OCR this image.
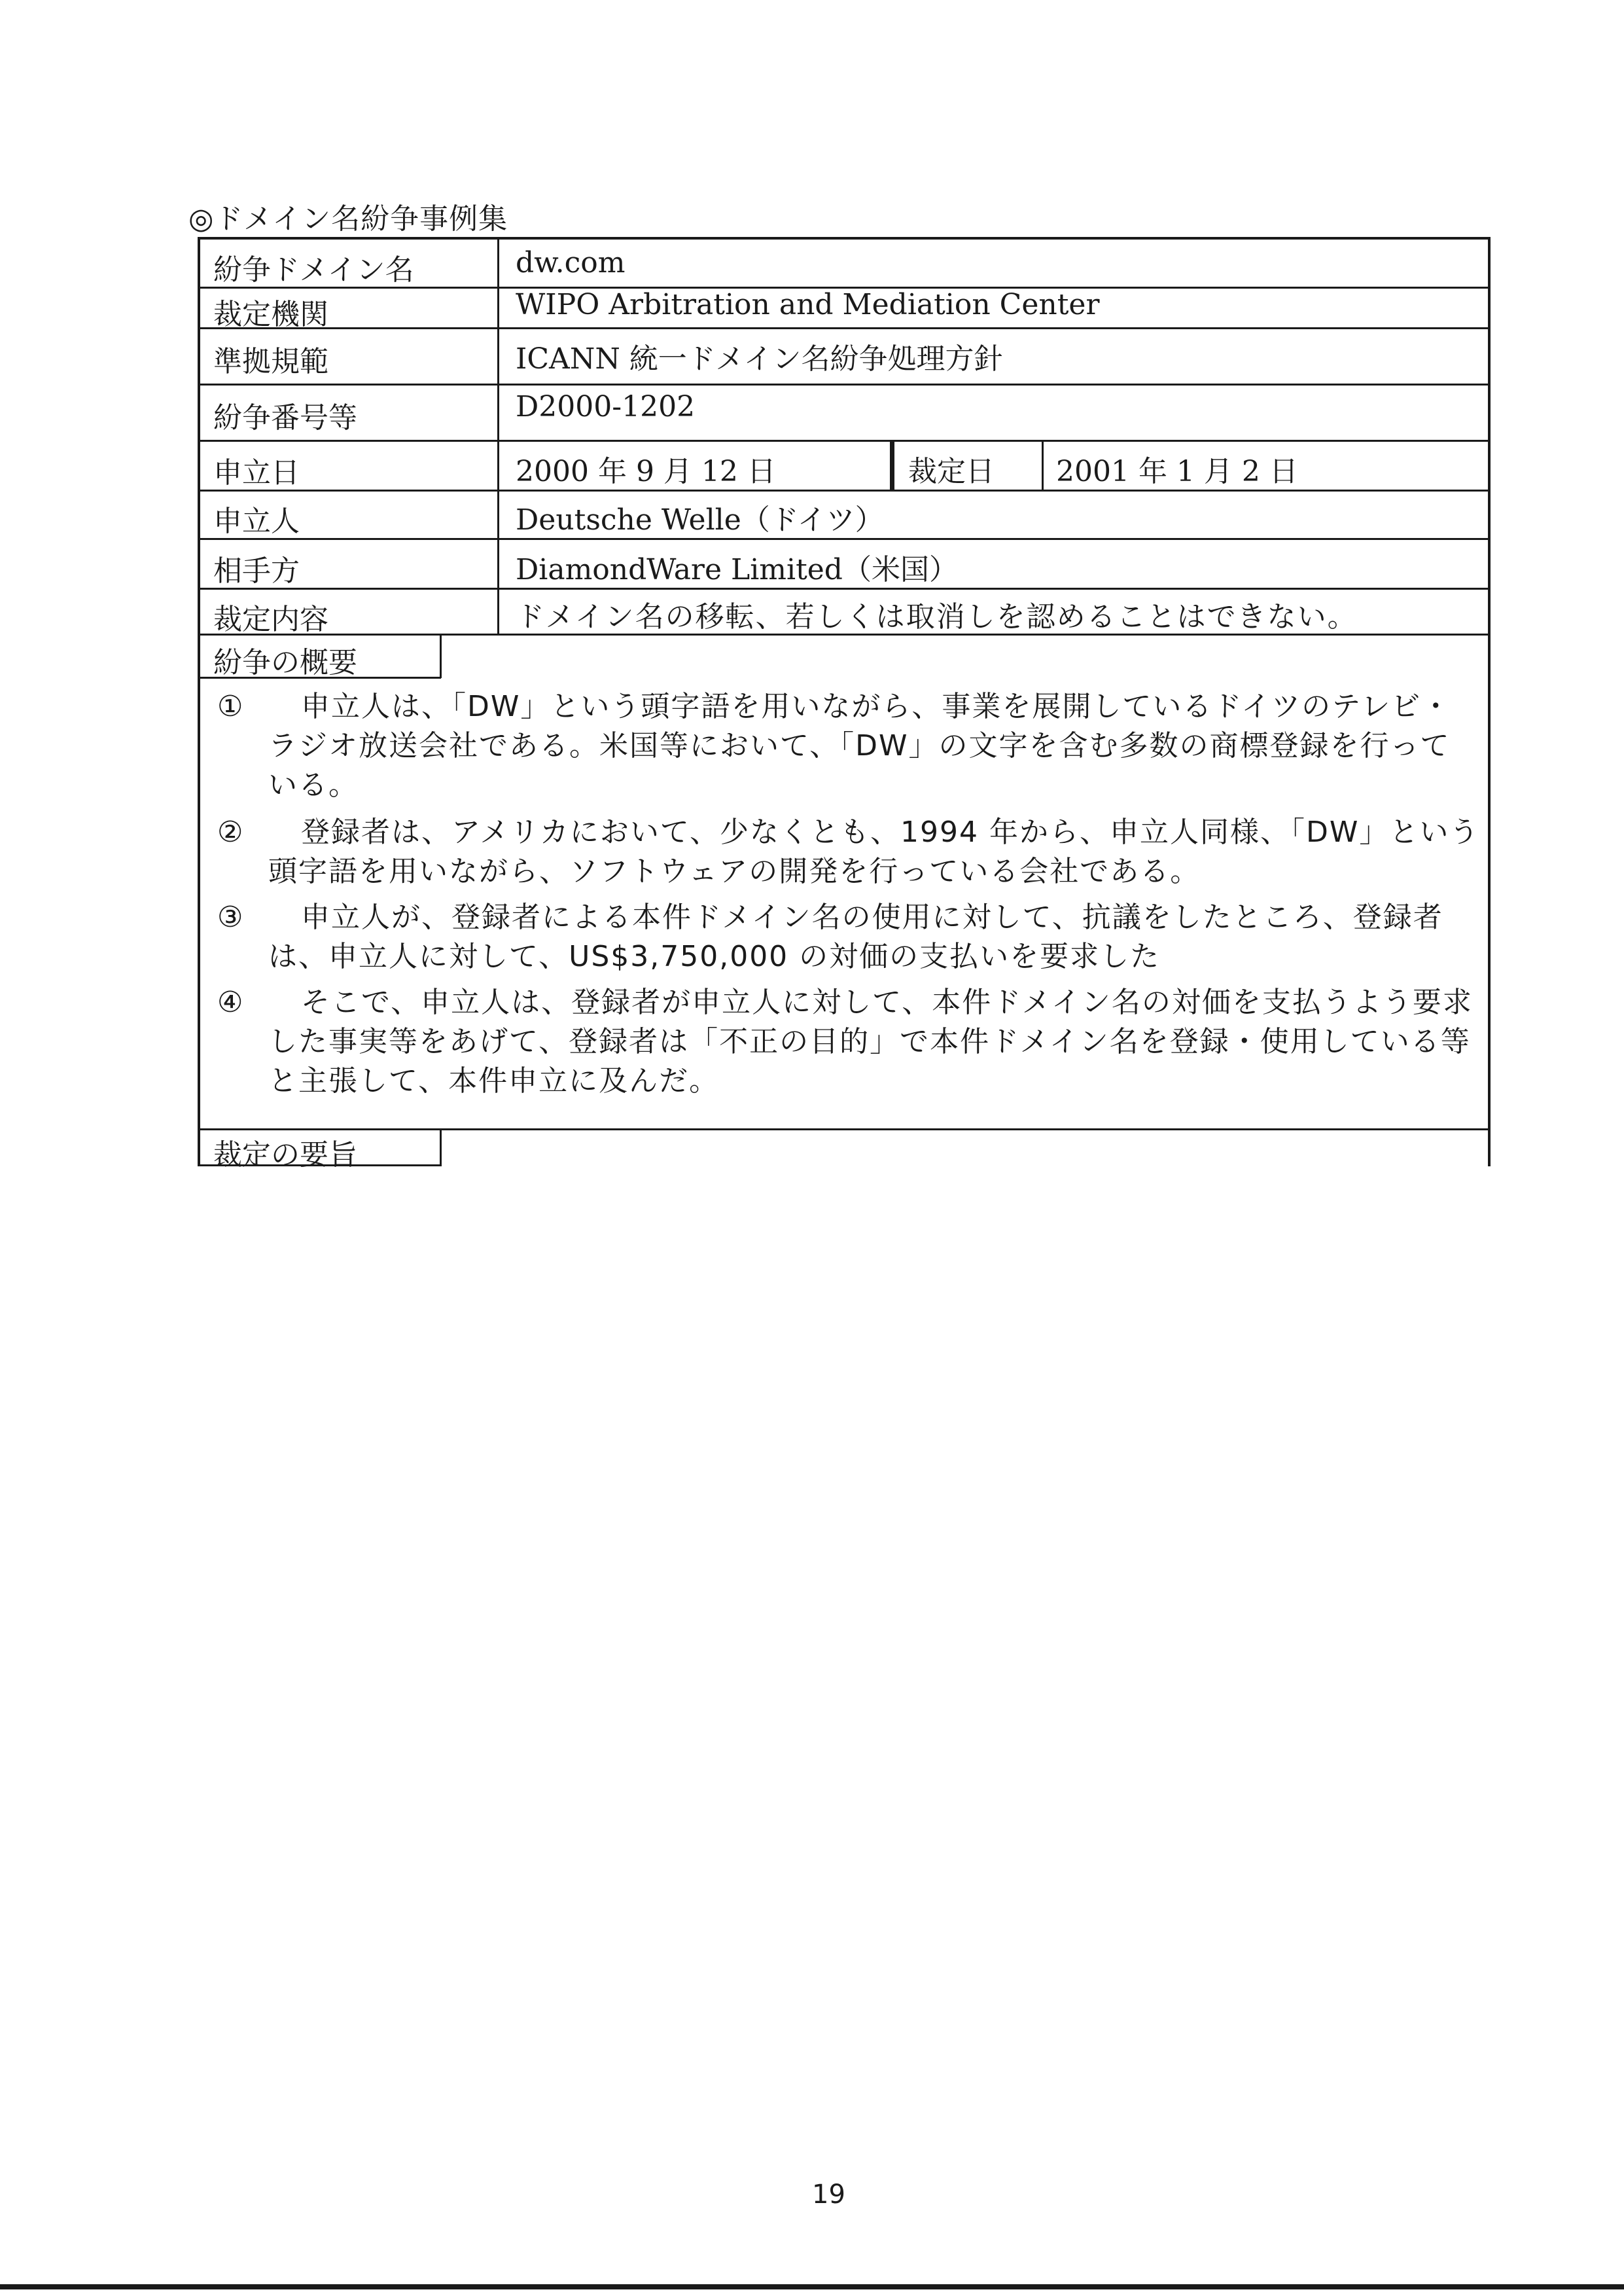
◎ドメイン名紛争事例集
紛争ドメイン名	dw.com
裁定機関	WIPO Arbitration and Mediation Center
準拠規範	ICANN 統一ドメイン名紛争処理方針
紛争番号等	D2000-1202
申立日	2000 年 9 月 12 日	裁定日 2001 年 1 月 2 日
申立人	Deutsche Welle（ドイツ）
相手方	DiamondWare Limited（米国）
裁定内容	ドメイン名の移転、若しくは取消しを認めることはできない。
紛争の概要
①	申立人は、「DW」という頭字語を用いながら、事業を展開しているドイツのテレビ・ラジオ放送会社である。米国等において、「DW」の文字を含む多数の商標登録を行っている。
②	登録者は、アメリカにおいて、少なくとも、1994 年から、申立人同様、「DW」という頭字語を用いながら、ソフトウェアの開発を行っている会社である。
③	申立人が、登録者による本件ドメイン名の使用に対して、抗議をしたところ、登録者は、申立人に対して、US$3,750,000 の対価の支払いを要求した
④	そこで、申立人は、登録者が申立人に対して、本件ドメイン名の対価を支払うよう要求した事実等をあげて、登録者は「不正の目的」で本件ドメイン名を登録・使用している等と主張して、本件申立に及んだ。
裁定の要旨
19
